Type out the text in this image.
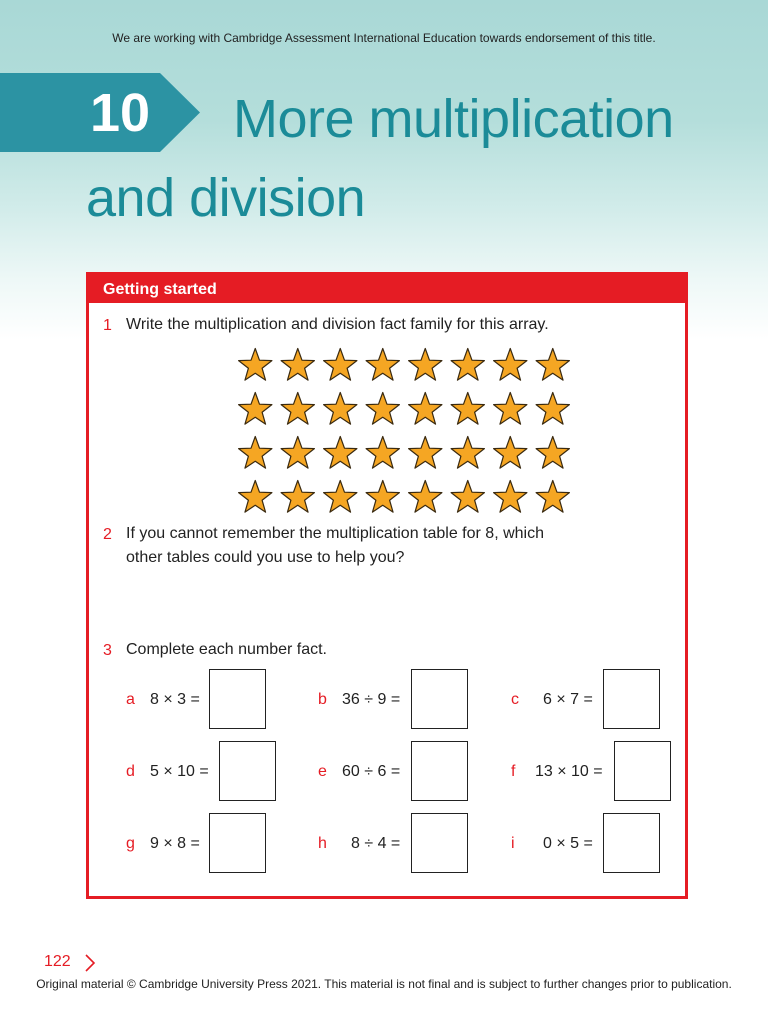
We are working with Cambridge Assessment International Education towards endorsement of this title.
10	More multiplication and division
Getting started
1 Write the multiplication and division fact family for this array.
2 If you cannot remember the multiplication table for 8, which other tables could you use to help you?
3 Complete each number fact.
a 8 × 3 =	b 36 ÷ 9 =	c 6 × 7 =
d 5 × 10 =	e 60 ÷ 6 =	f 13 × 10 =
g 9 × 8 =	h 8 ÷ 4 =	i 0 × 5 =
122
Original material © Cambridge University Press 2021. This material is not final and is subject to further changes prior to publication.
